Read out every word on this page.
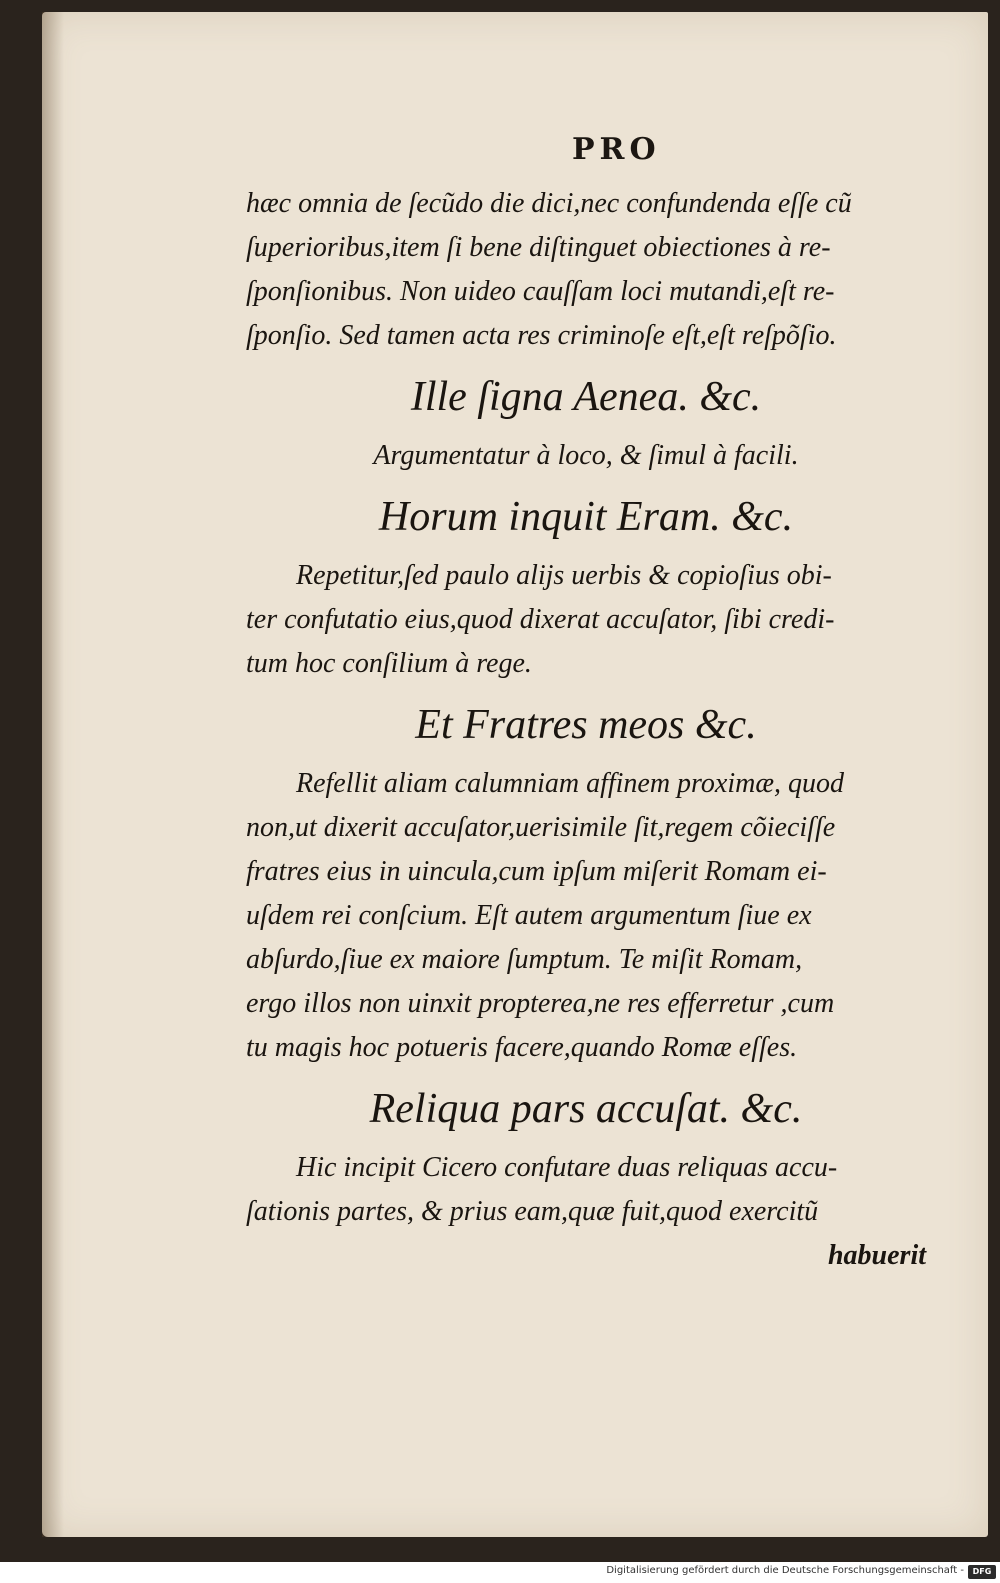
PRO

hæc omnia de ſecũdo die dici,nec confundenda eſſe cũ
ſuperioribus,item ſi bene diſtinguet obiectiones à re-
ſponſionibus. Non uideo cauſſam loci mutandi,eſt re-
ſponſio. Sed tamen acta res criminoſe eſt,eſt reſpõſio.
Ille ſigna Aenea. &c.
Argumentatur à loco, & ſimul à facili.
Horum inquit Eram. &c.
Repetitur,ſed paulo alijs uerbis & copioſius obi-
ter confutatio eius,quod dixerat accuſator, ſibi credi-
tum hoc conſilium à rege.
Et Fratres meos &c.
Refellit aliam calumniam affinem proximæ, quod
non,ut dixerit accuſator,uerisimile ſit,regem cõieciſſe
fratres eius in uincula,cum ipſum miſerit Romam ei-
uſdem rei conſcium. Eſt autem argumentum ſiue ex
abſurdo,ſiue ex maiore ſumptum. Te miſit Romam,
ergo illos non uinxit propterea,ne res efferretur ,cum
tu magis hoc potueris facere,quando Romæ eſſes.
Reliqua pars accuſat. &c.
Hic incipit Cicero confutare duas reliquas accu-
ſationis partes, & prius eam,quæ fuit,quod exercitũ
habuerit
Digitalisierung gefördert durch die Deutsche Forschungsgemeinschaft -	DFG
